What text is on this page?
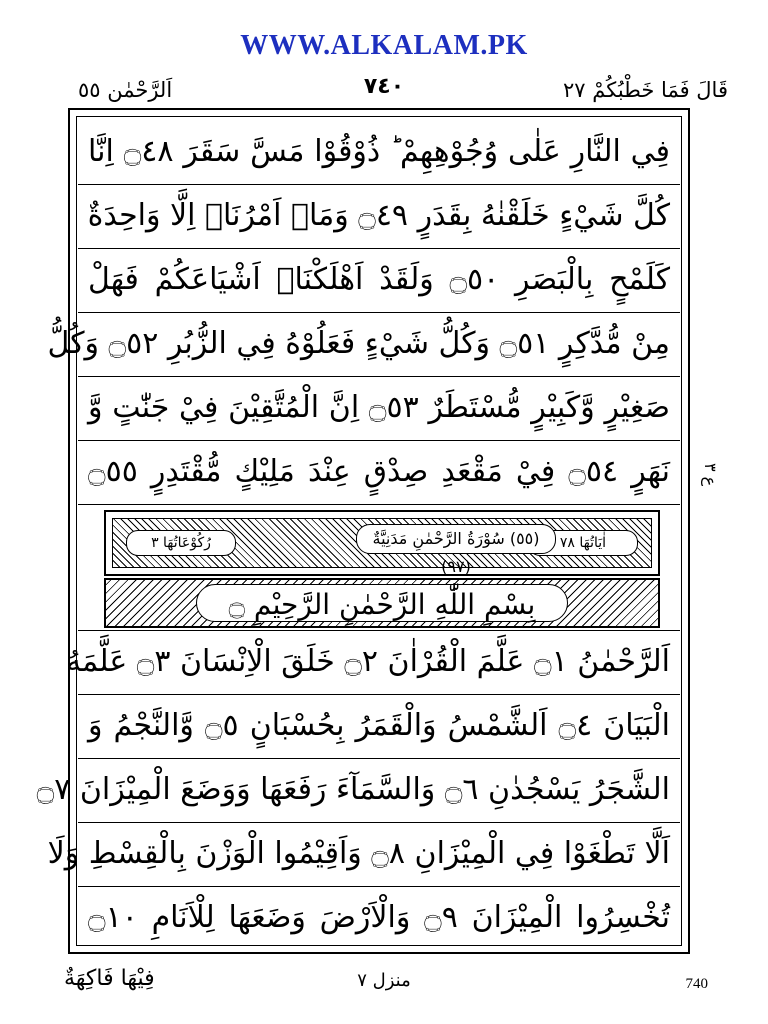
WWW.ALKALAM.PK
قَالَ فَمَا خَطْبُكُمْ ٢٧
٧٤٠
اَلرَّحْمٰن ٥٥
فِي النَّارِ عَلٰى وُجُوْهِهِمْ ؕ ذُوْقُوْا مَسَّ سَقَرَ ۝٤٨ اِنَّا
كُلَّ شَيْءٍ خَلَقْنٰهُ بِقَدَرٍ ۝٤٩ وَمَاۤ اَمْرُنَاۤ اِلَّا وَاحِدَةٌ
كَلَمْحٍ بِالْبَصَرِ ۝٥٠ وَلَقَدْ اَهْلَكْنَاۤ اَشْيَاعَكُمْ فَهَلْ
مِنْ مُّدَّكِرٍ ۝٥١ وَكُلُّ شَيْءٍ فَعَلُوْهُ فِي الزُّبُرِ ۝٥٢ وَكُلُّ
صَغِيْرٍ وَّكَبِيْرٍ مُّسْتَطَرٌ ۝٥٣ اِنَّ الْمُتَّقِيْنَ فِيْ جَنّٰتٍ وَّ
نَهَرٍ ۝٥٤ فِيْ مَقْعَدِ صِدْقٍ عِنْدَ مَلِيْكٍ مُّقْتَدِرٍ ۝٥٥	ع ٣
اٰيَاتُهَا ٧٨
(٥٥) سُوْرَةُ الرَّحْمٰنِ مَدَنِيَّةٌ (٩٧)
رُكُوْعَاتُهَا ٣
بِسْمِ اللّٰهِ الرَّحْمٰنِ الرَّحِيْمِ ۝
اَلرَّحْمٰنُ ۝١ عَلَّمَ الْقُرْاٰنَ ۝٢ خَلَقَ الْاِنْسَانَ ۝٣ عَلَّمَهُ
الْبَيَانَ ۝٤ اَلشَّمْسُ وَالْقَمَرُ بِحُسْبَانٍ ۝٥ وَّالنَّجْمُ وَ
الشَّجَرُ يَسْجُدٰنِ ۝٦ وَالسَّمَآءَ رَفَعَهَا وَوَضَعَ الْمِيْزَانَ ۝٧
اَلَّا تَطْغَوْا فِي الْمِيْزَانِ ۝٨ وَاَقِيْمُوا الْوَزْنَ بِالْقِسْطِ وَلَا
تُخْسِرُوا الْمِيْزَانَ ۝٩ وَالْاَرْضَ وَضَعَهَا لِلْاَنَامِ ۝١٠
فِيْهَا فَاكِهَةٌ	منزل ٧	740
